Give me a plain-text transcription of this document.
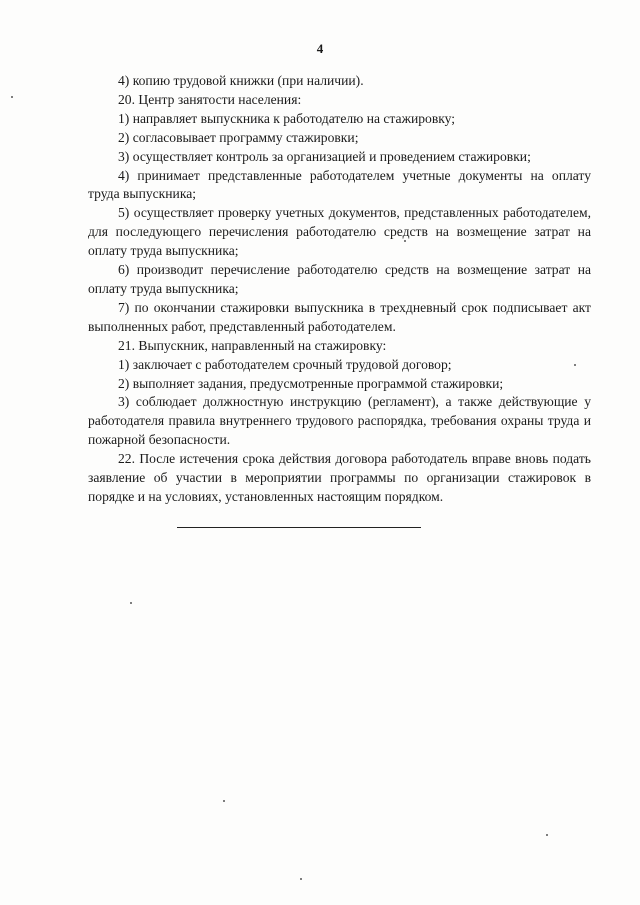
4

4) копию трудовой книжки (при наличии).

20. Центр занятости населения:

1) направляет выпускника к работодателю на стажировку;

2) согласовывает программу стажировки;

3) осуществляет контроль за организацией и проведением стажировки;

4) принимает представленные работодателем учетные документы на оплату труда выпускника;

5) осуществляет проверку учетных документов, представленных работодателем, для последующего перечисления работодателю средств на возмещение затрат на оплату труда выпускника;

6) производит перечисление работодателю средств на возмещение затрат на оплату труда выпускника;

7) по окончании стажировки выпускника в трехдневный срок подписывает акт выполненных работ, представленный работодателем.

21. Выпускник, направленный на стажировку:

1) заключает с работодателем срочный трудовой договор;

2) выполняет задания, предусмотренные программой стажировки;

3) соблюдает должностную инструкцию (регламент), а также действующие у работодателя правила внутреннего трудового распорядка, требования охраны труда и пожарной безопасности.

22. После истечения срока действия договора работодатель вправе вновь подать заявление об участии в мероприятии программы по организации стажировок в порядке и на условиях, установленных настоящим порядком.
